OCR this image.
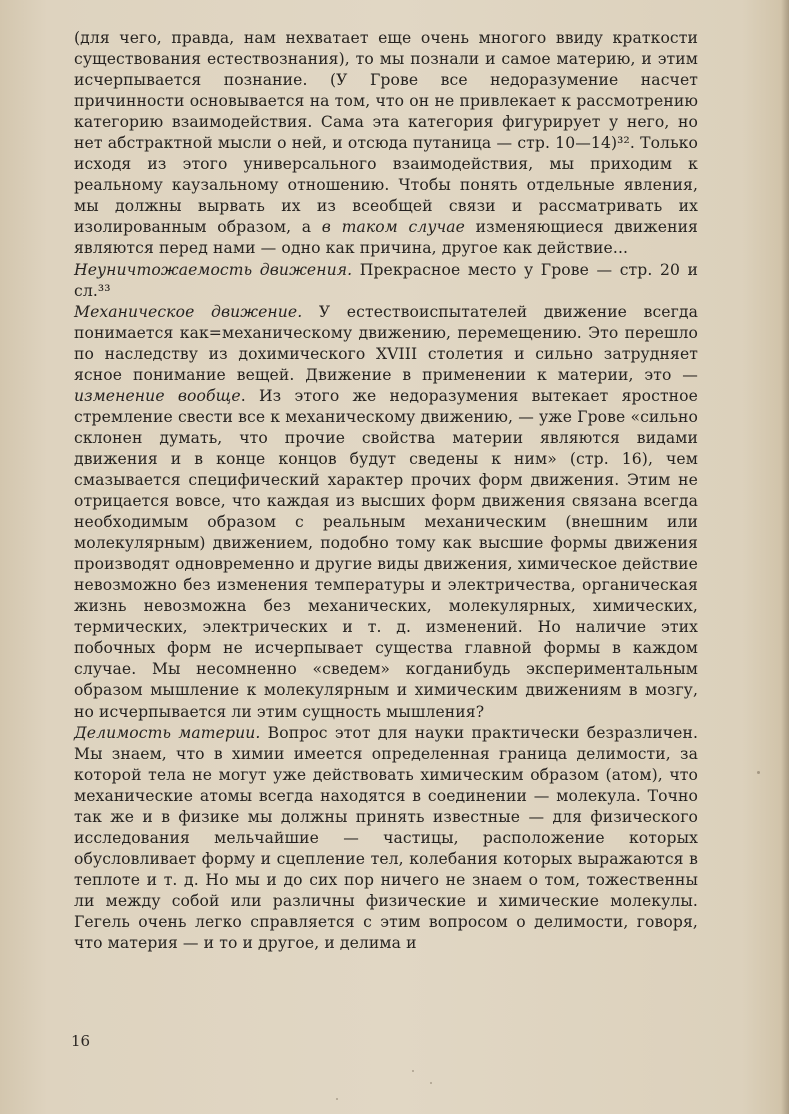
(для чего, правда, нам нехватает еще очень многого ввиду краткости существования естествознания), то мы познали и самое материю, и этим исчерпывается познание. (У Грове все недоразумение насчет причинности основывается на том, что он не привлекает к рассмотрению категорию взаимодействия. Сама эта категория фигурирует у него, но нет абстрактной мысли о ней, и отсюда путаница — стр. 10—14)³². Только исходя из этого универсального взаимодействия, мы приходим к реальному каузальному отношению. Чтобы понять отдельные явления, мы должны вырвать их из всеобщей связи и рассматривать их изолированным образом, а в таком случае изменяющиеся движения являются перед нами — одно как причина, другое как действие...

Неуничтожаемость движения. Прекрасное место у Грове — стр. 20 и сл.³³

Механическое движение. У естествоиспытателей движение всегда понимается как=механическому движению, перемещению. Это перешло по наследству из дохимического XVIII столетия и сильно затрудняет ясное понимание вещей. Движение в применении к материи, это — изменение вообще. Из этого же недоразумения вытекает яростное стремление свести все к механическому движению, — уже Грове «сильно склонен думать, что прочие свойства материи являются видами движения и в конце концов будут сведены к ним» (стр. 16), чем смазывается специфический характер прочих форм движения. Этим не отрицается вовсе, что каждая из высших форм движения связана всегда необходимым образом с реальным механическим (внешним или молекулярным) движением, подобно тому как высшие формы движения производят одновременно и другие виды движения, химическое действие невозможно без изменения температуры и электричества, органическая жизнь невозможна без механических, молекулярных, химических, термических, электрических и т. д. изменений. Но наличие этих побочных форм не исчерпывает существа главной формы в каждом случае. Мы несомненно «сведем» когданибудь экспериментальным образом мышление к молекулярным и химическим движениям в мозгу, но исчерпывается ли этим сущность мышления?

Делимость материи. Вопрос этот для науки практически безразличен. Мы знаем, что в химии имеется определенная граница делимости, за которой тела не могут уже действовать химическим образом (атом), что механические атомы всегда находятся в соединении — молекула. Точно так же и в физике мы должны принять известные — для физического исследования мельчайшие — частицы, расположение которых обусловливает форму и сцепление тел, колебания которых выражаются в теплоте и т. д. Но мы и до сих пор ничего не знаем о том, тожественны ли между собой или различны физические и химические молекулы. Гегель очень легко справляется с этим вопросом о делимости, говоря, что материя — и то и другое, и делима и

16
